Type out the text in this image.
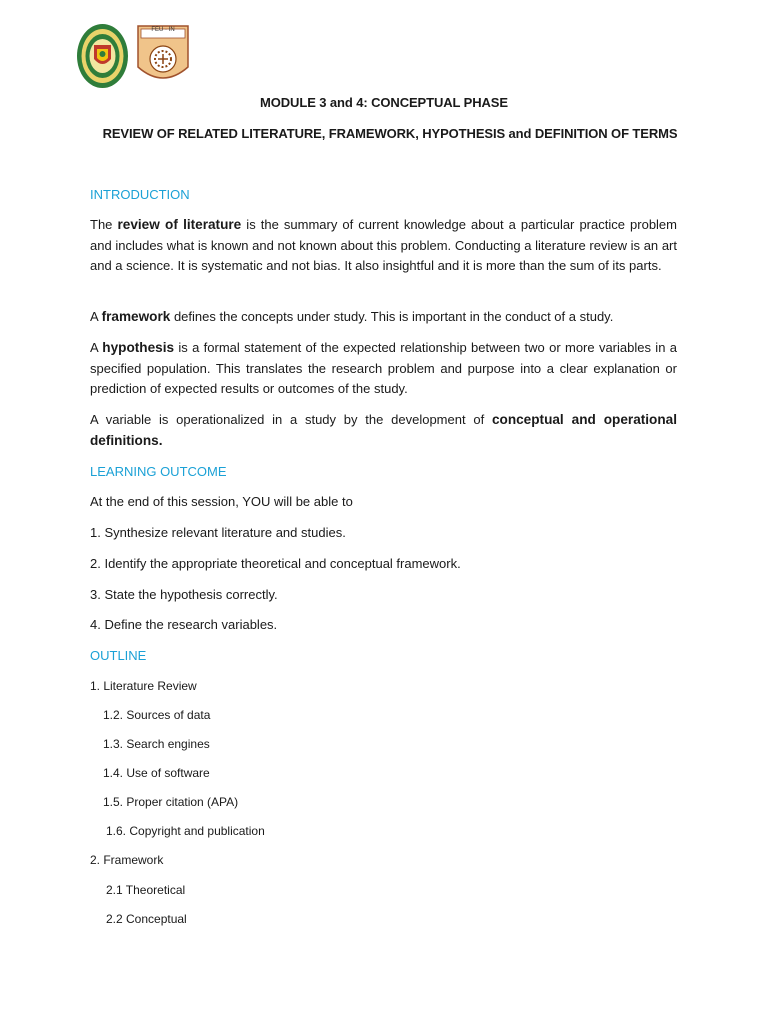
FEU · IN
MODULE 3 and 4: CONCEPTUAL PHASE
REVIEW OF RELATED LITERATURE, FRAMEWORK, HYPOTHESIS and DEFINITION OF TERMS
INTRODUCTION
The review of literature is the summary of current knowledge about a particular practice problem and includes what is known and not known about this problem. Conducting a literature review is an art and a science. It is systematic and not bias. It also insightful and it is more than the sum of its parts.
A framework defines the concepts under study. This is important in the conduct of a study.
A hypothesis is a formal statement of the expected relationship between two or more variables in a specified population. This translates the research problem and purpose into a clear explanation or prediction of expected results or outcomes of the study.
A variable is operationalized in a study by the development of conceptual and operational definitions.
LEARNING OUTCOME
At the end of this session, YOU will be able to
1. Synthesize relevant literature and studies.
2. Identify the appropriate theoretical and conceptual framework.
3. State the hypothesis correctly.
4. Define the research variables.
OUTLINE
1. Literature Review
1.2. Sources of data
1.3. Search engines
1.4. Use of software
1.5. Proper citation (APA)
1.6. Copyright and publication
2. Framework
2.1 Theoretical
2.2 Conceptual
